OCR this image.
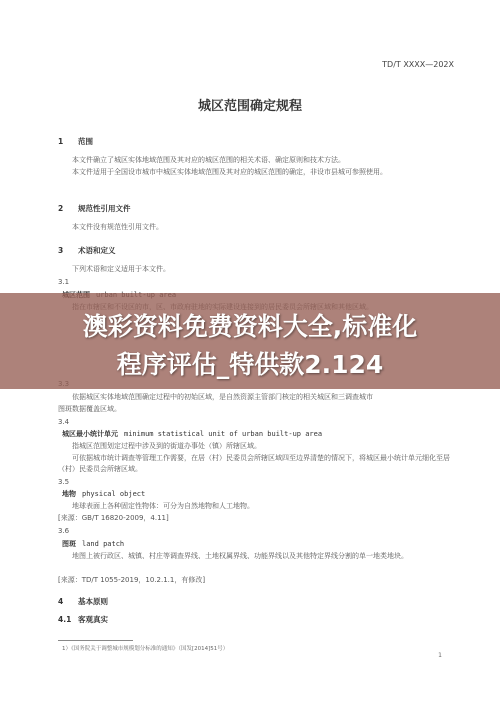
TD/T XXXX—202X
城区范围确定规程
1 范围
本文件确立了城区实体地域范围及其对应的城区范围的相关术语、确定原则和技术方法。
本文件适用于全国设市城市中城区实体地域范围及其对应的城区范围的确定，非设市县城可参照使用。
2 规范性引用文件
本文件没有规范性引用文件。
3 术语和定义
下列术语和定义适用于本文件。
3.1
依据城区实体地域范围确定过程中的初始区域，是自然资源主管部门核定的相关城区和三调查城市
图斑数据覆盖区域。
3.4
城区最小统计单元 minimum statistical unit of urban built-up area
指城区范围划定过程中涉及到的街道办事处（镇）所辖区域。
可依据城市统计调查等管理工作需要，在居（村）民委员会所辖区域四至边界清楚的情况下，将城区最小统计单元细化至居（村）民委员会所辖区域。
3.5
地物 physical object
地球表面上各种固定性物体：可分为自然地物和人工地物。
[来源：GB/T 16820-2009，4.11]
3.6
图斑 land patch
地图上被行政区、城镇、村庄等调查界线、土地权属界线、功能界线以及其他特定界线分割的单一地类地块。
[来源：TD/T 1055-2019，10.2.1.1，有修改]
4 基本原则
4.1 客观真实
1）《国务院关于调整城市规模划分标准的通知》（国发[2014]51号）
1
澳彩资料免费资料大全,标准化
程序评估_特供款2.124
